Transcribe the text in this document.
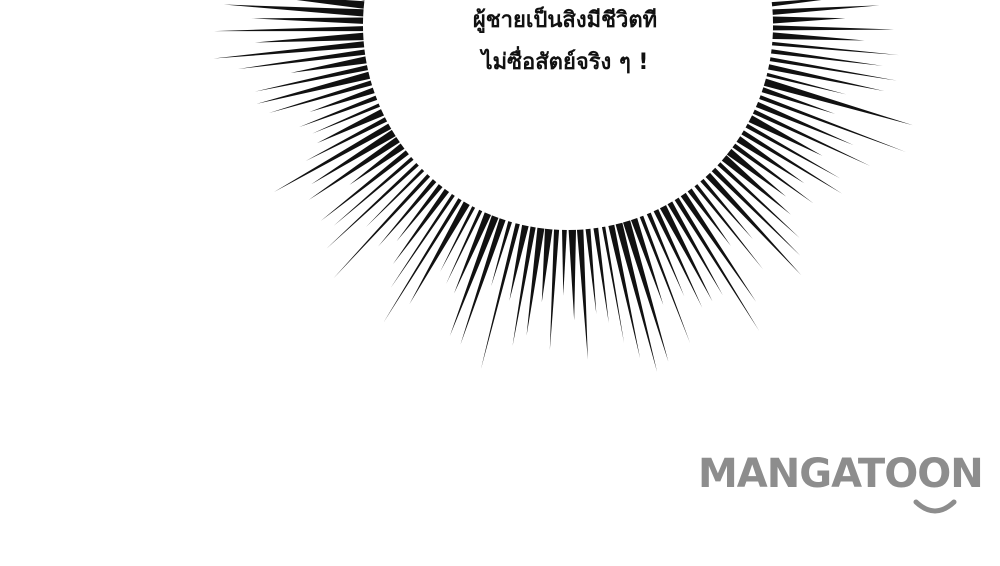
ผู้ชายเป็นสิงมีชีวิตที
ไม่ซื่อสัตย์จริง ๆ !
MANGATOON
